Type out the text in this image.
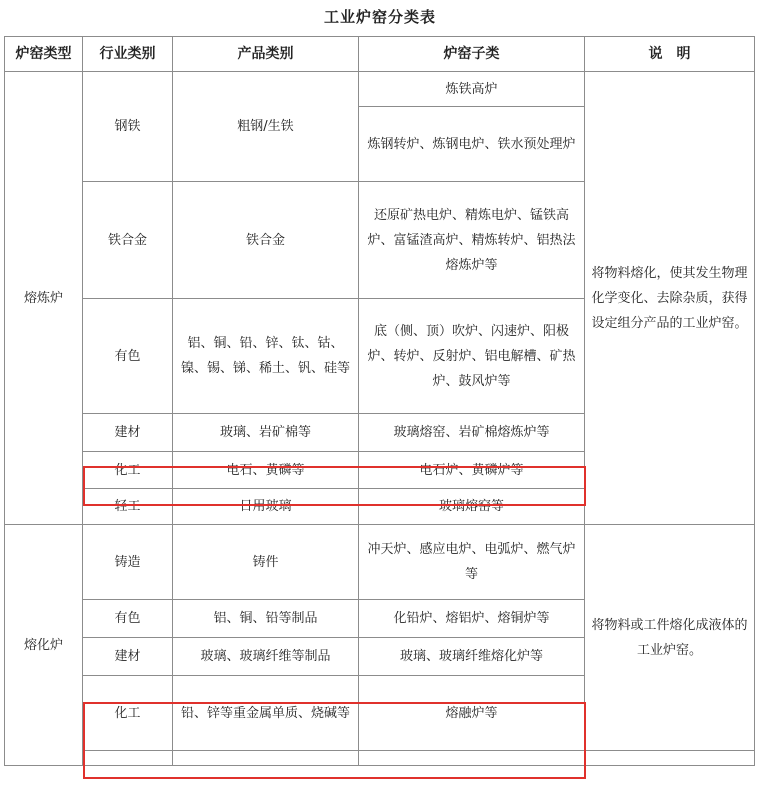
工业炉窑分类表
炉窑类型	行业类别	产品类别	炉窑子类	说　明
熔炼炉	钢铁	粗钢/生铁	炼铁高炉	将物料熔化，使其发生物理化学变化、去除杂质，获得设定组分产品的工业炉窑。
			炼钢转炉、炼钢电炉、铁水预处理炉	
	铁合金	铁合金	还原矿热电炉、精炼电炉、锰铁高炉、富锰渣高炉、精炼转炉、铝热法熔炼炉等	
	有色	铝、铜、铅、锌、钛、钴、镍、锡、锑、稀土、钒、硅等	底（侧、顶）吹炉、闪速炉、阳极炉、转炉、反射炉、铝电解槽、矿热炉、鼓风炉等	
	建材	玻璃、岩矿棉等	玻璃熔窑、岩矿棉熔炼炉等	
	化工	电石、黄磷等	电石炉、黄磷炉等	
	轻工	日用玻璃	玻璃熔窑等	
熔化炉	铸造	铸件	冲天炉、感应电炉、电弧炉、燃气炉等	将物料或工件熔化成液体的工业炉窑。
	有色	铝、铜、铅等制品	化铅炉、熔铝炉、熔铜炉等	
	建材	玻璃、玻璃纤维等制品	玻璃、玻璃纤维熔化炉等	
	化工	铅、锌等重金属单质、烧碱等	熔融炉等	
